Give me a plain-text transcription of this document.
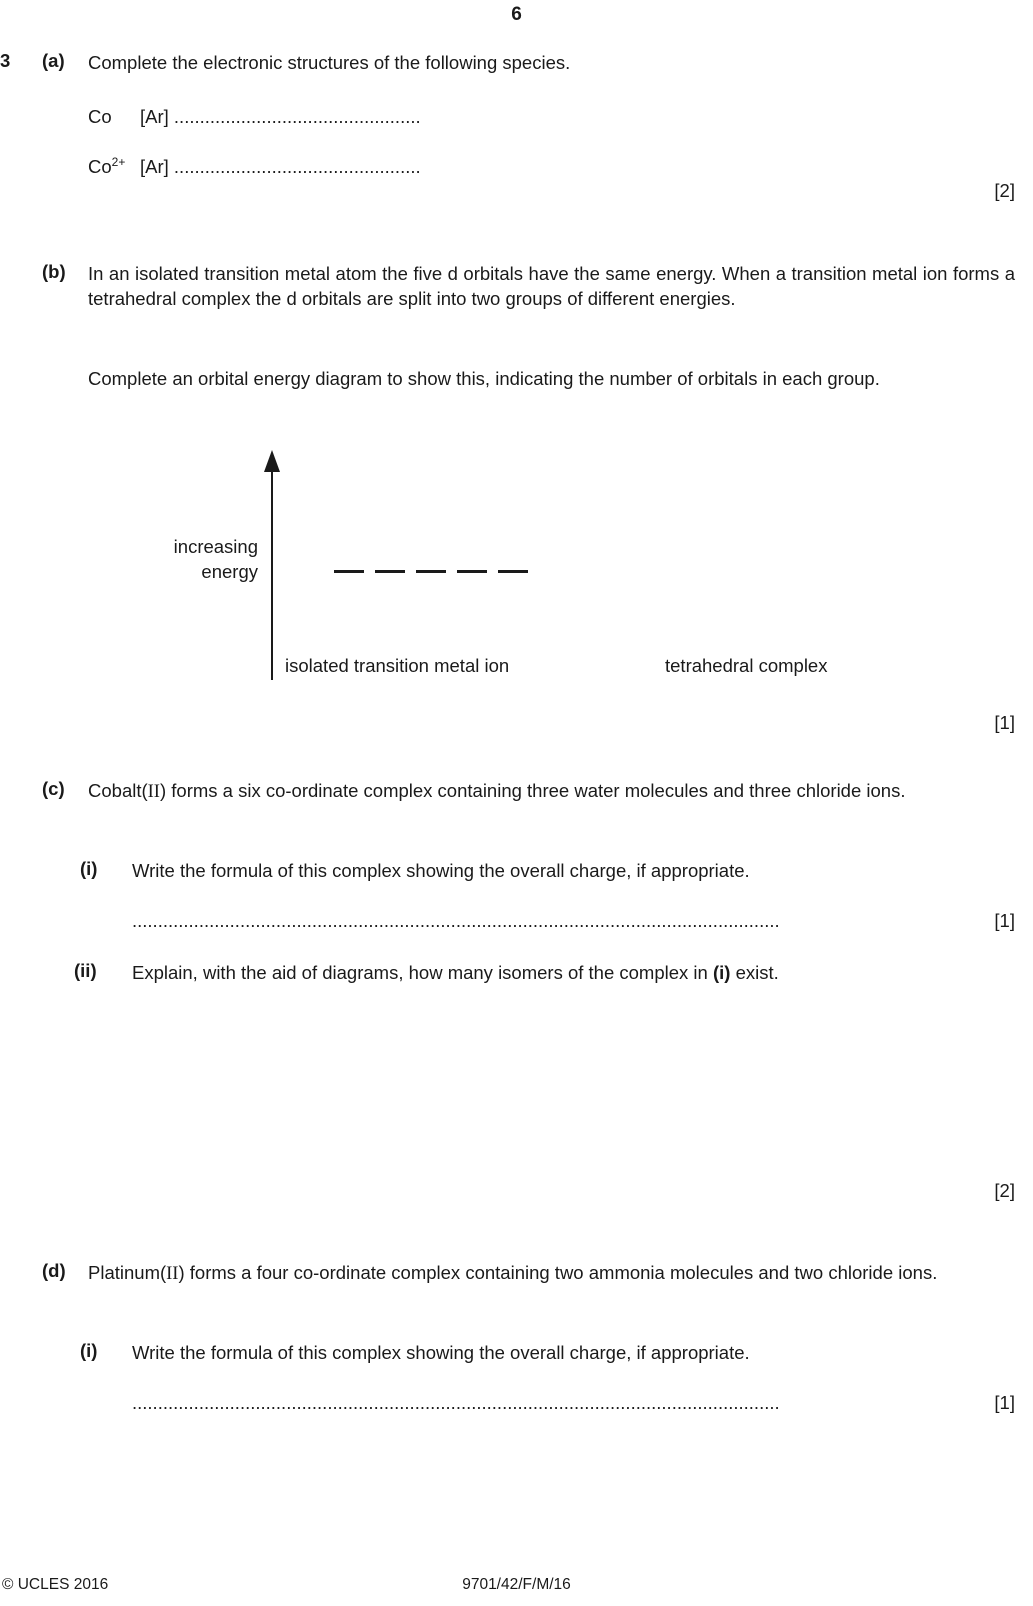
6
3	(a)	Complete the electronic structures of the following species.
Co [Ar] ................................................
$Co^{2+}$ [Ar] ................................................
[2]
(b)	In an isolated transition metal atom the five d orbitals have the same energy. When a transition metal ion forms a tetrahedral complex the d orbitals are split into two groups of different energies.
Complete an orbital energy diagram to show this, indicating the number of orbitals in each group.
increasing
energy
isolated transition metal ion	tetrahedral complex
[1]
(c)	Cobalt(II) forms a six co-ordinate complex containing three water molecules and three chloride ions.
(i)	Write the formula of this complex showing the overall charge, if appropriate.
..............................................................................................................................	[1]
(ii)	Explain, with the aid of diagrams, how many isomers of the complex in (i) exist.
[2]
(d)	Platinum(II) forms a four co-ordinate complex containing two ammonia molecules and two chloride ions.
(i)	Write the formula of this complex showing the overall charge, if appropriate.
..............................................................................................................................	[1]
© UCLES 2016	9701/42/F/M/16
